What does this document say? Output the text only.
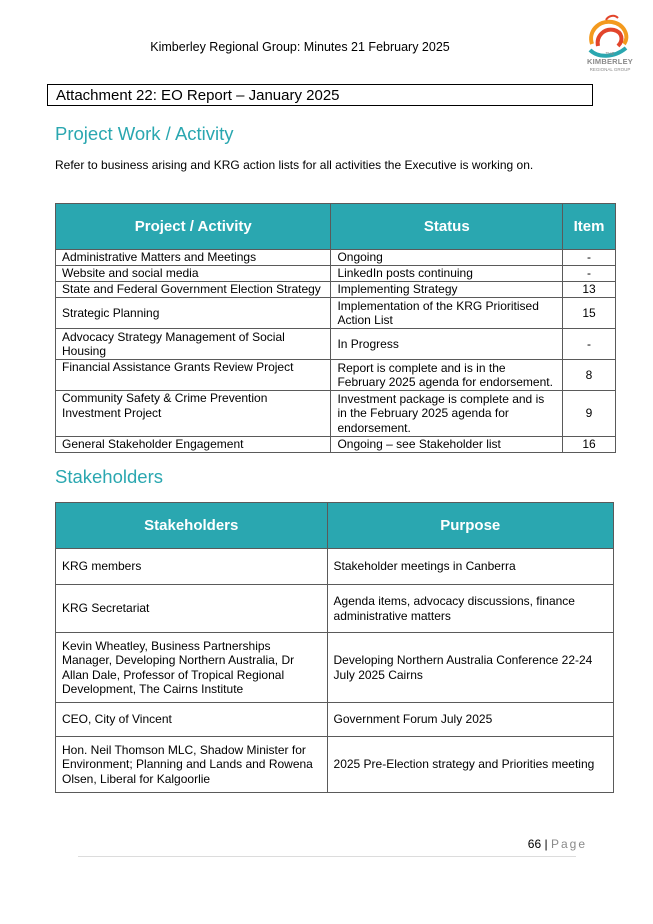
Kimberley Regional Group: Minutes 21 February 2025	THE
KIMBERLEY
REGIONAL GROUP
Attachment 22: EO Report – January 2025
Project Work / Activity
Refer to business arising and KRG action lists for all activities the Executive is working on.
Project / Activity	Status	Item
Administrative Matters and Meetings	Ongoing	-
Website and social media	LinkedIn posts continuing	-
State and Federal Government Election Strategy	Implementing Strategy	13
Strategic Planning	Implementation of the KRG Prioritised Action List	15
Advocacy Strategy Management of Social Housing	In Progress	-
Financial Assistance Grants Review Project	Report is complete and is in the February 2025 agenda for endorsement.	8
Community Safety & Crime Prevention Investment Project	Investment package is complete and is in the February 2025 agenda for endorsement.	9
General Stakeholder Engagement	Ongoing – see Stakeholder list	16
Stakeholders
Stakeholders	Purpose
KRG members	Stakeholder meetings in Canberra
KRG Secretariat	Agenda items, advocacy discussions, finance administrative matters
Kevin Wheatley, Business Partnerships Manager, Developing Northern Australia, Dr Allan Dale, Professor of Tropical Regional Development, The Cairns Institute	Developing Northern Australia Conference 22-24 July 2025 Cairns
CEO, City of Vincent	Government Forum July 2025
Hon. Neil Thomson MLC, Shadow Minister for Environment; Planning and Lands and Rowena Olsen, Liberal for Kalgoorlie	2025 Pre-Election strategy and Priorities meeting
66 | Page
